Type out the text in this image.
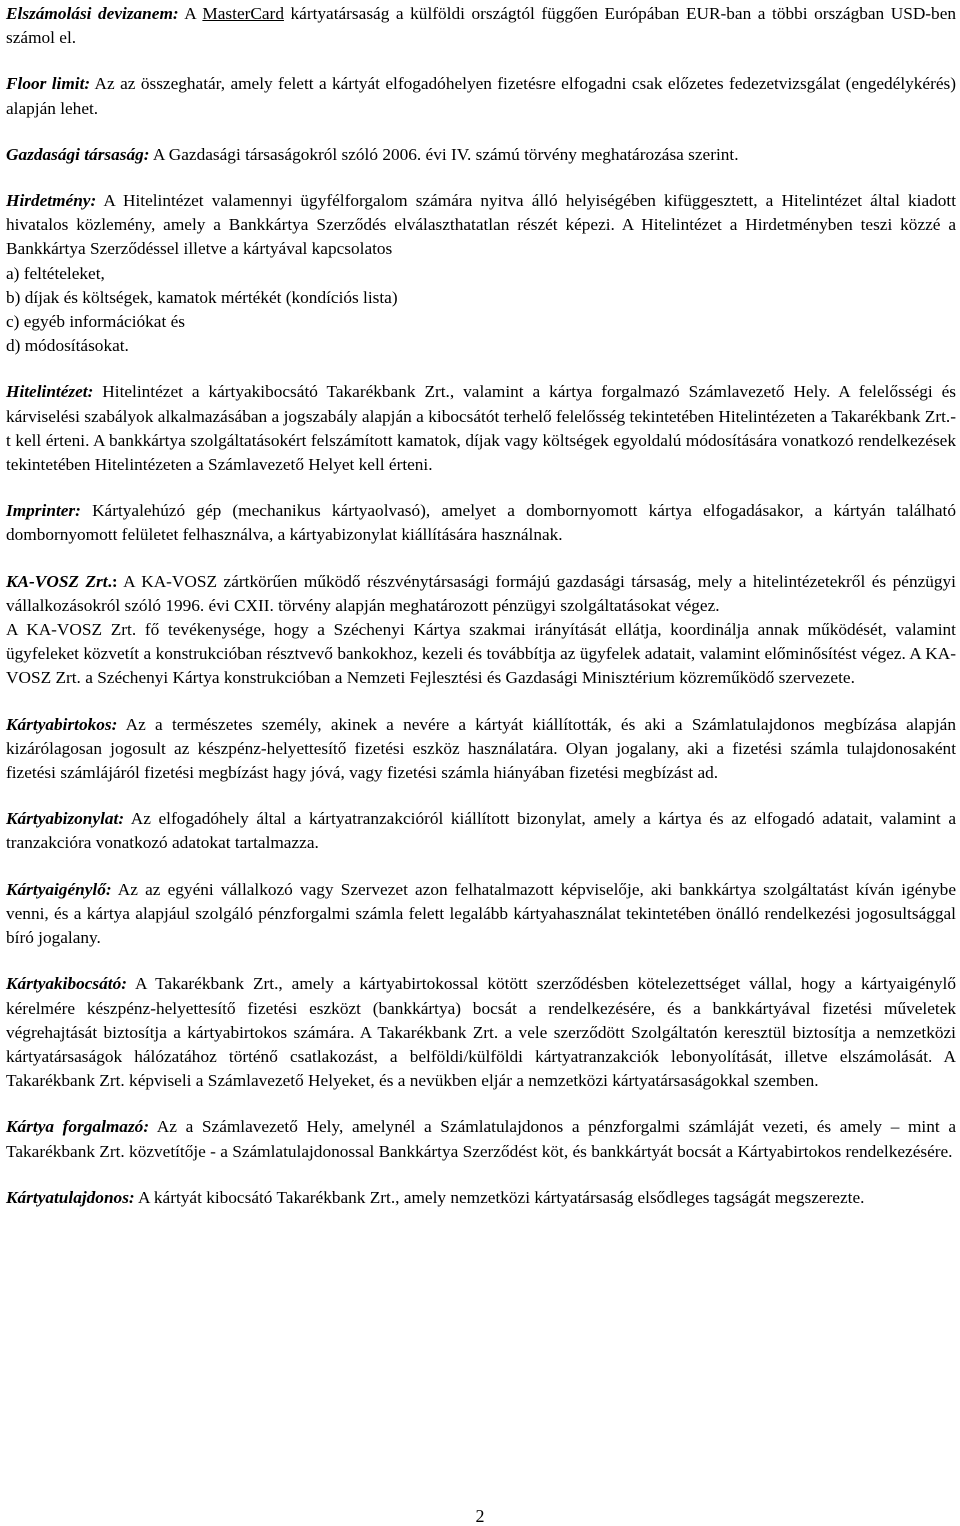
Elszámolási devizanem: A MasterCard kártyatársaság a külföldi országtól függően Európában EUR-ban a többi országban USD-ben számol el.

Floor limit: Az az összeghatár, amely felett a kártyát elfogadóhelyen fizetésre elfogadni csak előzetes fedezetvizsgálat (engedélykérés) alapján lehet.

Gazdasági társaság: A Gazdasági társaságokról szóló 2006. évi IV. számú törvény meghatározása szerint.

Hirdetmény: A Hitelintézet valamennyi ügyfélforgalom számára nyitva álló helyiségében kifüggesztett, a Hitelintézet által kiadott hivatalos közlemény, amely a Bankkártya Szerződés elválaszthatatlan részét képezi. A Hitelintézet a Hirdetményben teszi közzé a Bankkártya Szerződéssel illetve a kártyával kapcsolatos

a) feltételeket,

b) díjak és költségek, kamatok mértékét (kondíciós lista)

c) egyéb információkat és

d) módosításokat.

Hitelintézet: Hitelintézet a kártyakibocsátó Takarékbank Zrt., valamint a kártya forgalmazó Számlavezető Hely. A felelősségi és kárviselési szabályok alkalmazásában a jogszabály alapján a kibocsátót terhelő felelősség tekintetében Hitelintézeten a Takarékbank Zrt.-t kell érteni. A bankkártya szolgáltatásokért felszámított kamatok, díjak vagy költségek egyoldalú módosítására vonatkozó rendelkezések tekintetében Hitelintézeten a Számlavezető Helyet kell érteni.

Imprinter: Kártyalehúzó gép (mechanikus kártyaolvasó), amelyet a dombornyomott kártya elfogadásakor, a kártyán található dombornyomott felületet felhasználva, a kártyabizonylat kiállítására használnak.

KA-VOSZ Zrt.: A KA-VOSZ zártkörűen működő részvénytársasági formájú gazdasági társaság, mely a hitelintézetekről és pénzügyi vállalkozásokról szóló 1996. évi CXII. törvény alapján meghatározott pénzügyi szolgáltatásokat végez.

A KA-VOSZ Zrt. fő tevékenysége, hogy a Széchenyi Kártya szakmai irányítását ellátja, koordinálja annak működését, valamint ügyfeleket közvetít a konstrukcióban résztvevő bankokhoz, kezeli és továbbítja az ügyfelek adatait, valamint előminősítést végez. A KA-VOSZ Zrt. a Széchenyi Kártya konstrukcióban a Nemzeti Fejlesztési és Gazdasági Minisztérium közreműködő szervezete.

Kártyabirtokos: Az a természetes személy, akinek a nevére a kártyát kiállították, és aki a Számlatulajdonos megbízása alapján kizárólagosan jogosult az készpénz-helyettesítő fizetési eszköz használatára. Olyan jogalany, aki a fizetési számla tulajdonosaként fizetési számlájáról fizetési megbízást hagy jóvá, vagy fizetési számla hiányában fizetési megbízást ad.

Kártyabizonylat: Az elfogadóhely által a kártyatranzakcióról kiállított bizonylat, amely a kártya és az elfogadó adatait, valamint a tranzakcióra vonatkozó adatokat tartalmazza.

Kártyaigénylő: Az az egyéni vállalkozó vagy Szervezet azon felhatalmazott képviselője, aki bankkártya szolgáltatást kíván igénybe venni, és a kártya alapjául szolgáló pénzforgalmi számla felett legalább kártyahasználat tekintetében önálló rendelkezési jogosultsággal bíró jogalany.

Kártyakibocsátó: A Takarékbank Zrt., amely a kártyabirtokossal kötött szerződésben kötelezettséget vállal, hogy a kártyaigénylő kérelmére készpénz-helyettesítő fizetési eszközt (bankkártya) bocsát a rendelkezésére, és a bankkártyával fizetési műveletek végrehajtását biztosítja a kártyabirtokos számára. A Takarékbank Zrt. a vele szerződött Szolgáltatón keresztül biztosítja a nemzetközi kártyatársaságok hálózatához történő csatlakozást, a belföldi/külföldi kártyatranzakciók lebonyolítását, illetve elszámolását. A Takarékbank Zrt. képviseli a Számlavezető Helyeket, és a nevükben eljár a nemzetközi kártyatársaságokkal szemben.

Kártya forgalmazó: Az a Számlavezető Hely, amelynél a Számlatulajdonos a pénzforgalmi számláját vezeti, és amely – mint a Takarékbank Zrt. közvetítője - a Számlatulajdonossal Bankkártya Szerződést köt, és bankkártyát bocsát a Kártyabirtokos rendelkezésére.

Kártyatulajdonos: A kártyát kibocsátó Takarékbank Zrt., amely nemzetközi kártyatársaság elsődleges tagságát megszerezte.

2
